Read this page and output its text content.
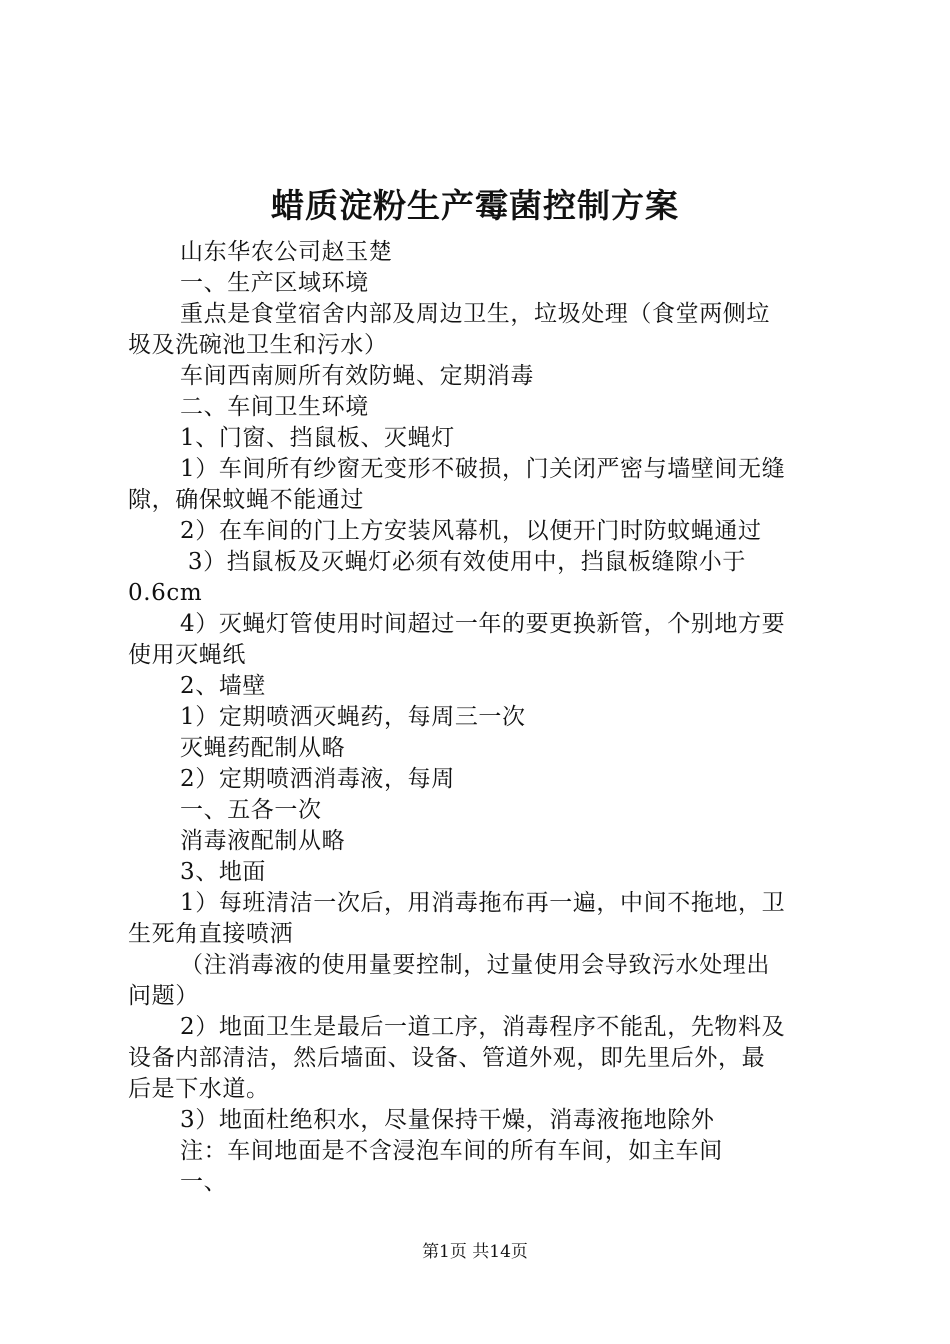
蜡质淀粉生产霉菌控制方案
山东华农公司赵玉楚
一、生产区域环境
重点是食堂宿舍内部及周边卫生，垃圾处理（食堂两侧垃
圾及洗碗池卫生和污水）
车间西南厕所有效防蝇、定期消毒
二、车间卫生环境
1、门窗、挡鼠板、灭蝇灯
1）车间所有纱窗无变形不破损，门关闭严密与墙壁间无缝
隙，确保蚊蝇不能通过
2）在车间的门上方安装风幕机，以便开门时防蚊蝇通过
3）挡鼠板及灭蝇灯必须有效使用中，挡鼠板缝隙小于
0.6cm
4）灭蝇灯管使用时间超过一年的要更换新管，个别地方要
使用灭蝇纸
2、墙壁
1）定期喷洒灭蝇药，每周三一次
灭蝇药配制从略
2）定期喷洒消毒液，每周
一、五各一次
消毒液配制从略
3、地面
1）每班清洁一次后，用消毒拖布再一遍，中间不拖地，卫
生死角直接喷洒
（注消毒液的使用量要控制，过量使用会导致污水处理出
问题）
2）地面卫生是最后一道工序，消毒程序不能乱，先物料及
设备内部清洁，然后墙面、设备、管道外观，即先里后外，最
后是下水道。
3）地面杜绝积水，尽量保持干燥，消毒液拖地除外
注：车间地面是不含浸泡车间的所有车间，如主车间
一、
第1页 共14页
